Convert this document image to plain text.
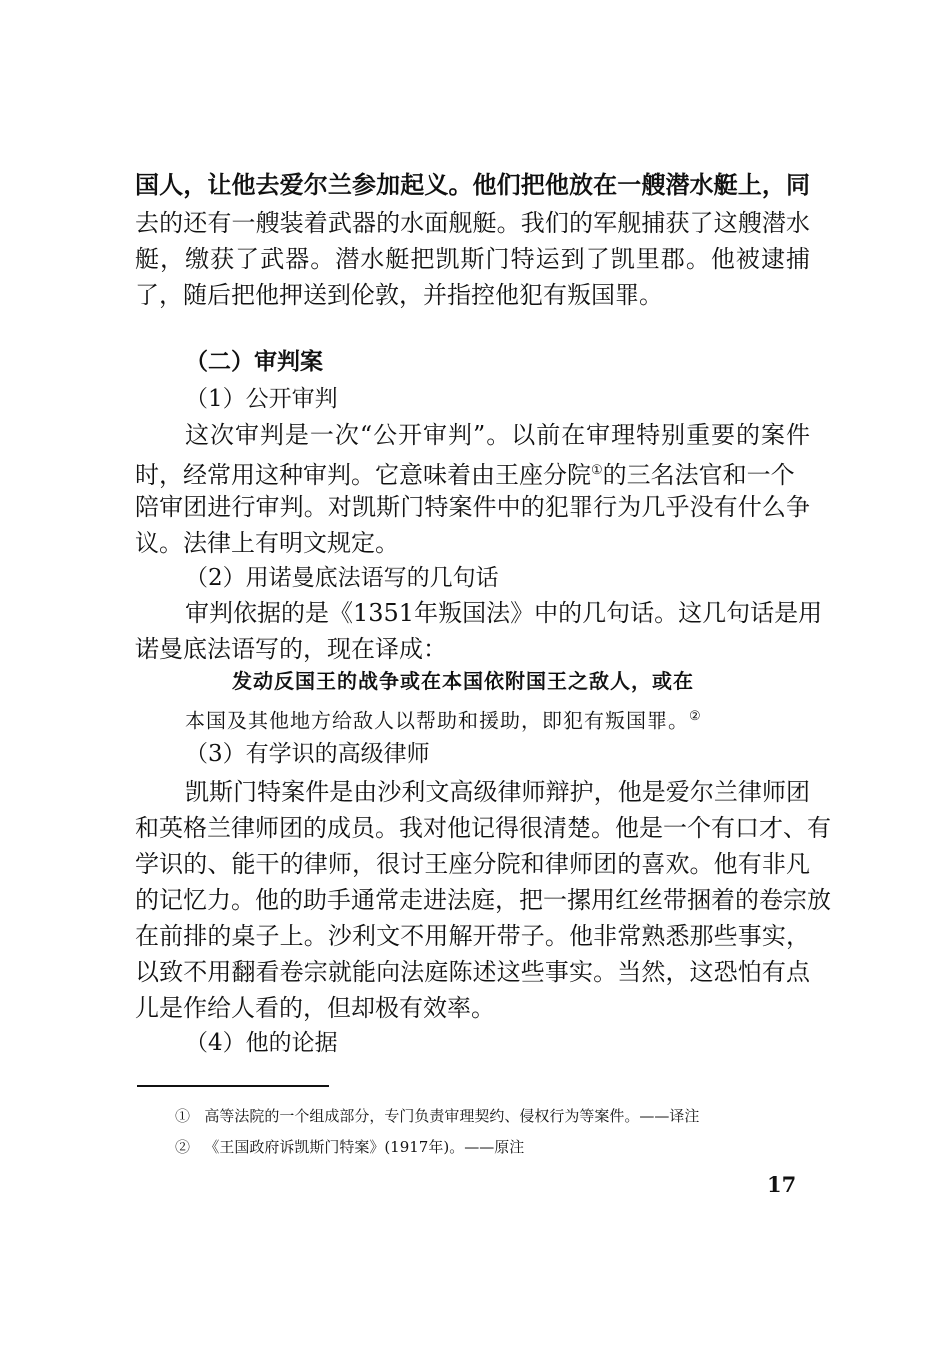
国人，让他去爱尔兰参加起义。他们把他放在一艘潜水艇上，同
去的还有一艘装着武器的水面舰艇。我们的军舰捕获了这艘潜水
艇，缴获了武器。潜水艇把凯斯门特运到了凯里郡。他被逮捕
了，随后把他押送到伦敦，并指控他犯有叛国罪。
（二）审判案
（1）公开审判
这次审判是一次“公开审判”。以前在审理特别重要的案件
时，经常用这种审判。它意味着由王座分院①的三名法官和一个
陪审团进行审判。对凯斯门特案件中的犯罪行为几乎没有什么争
议。法律上有明文规定。
（2）用诺曼底法语写的几句话
审判依据的是《1351年叛国法》中的几句话。这几句话是用
诺曼底法语写的，现在译成：
发动反国王的战争或在本国依附国王之敌人，或在
本国及其他地方给敌人以帮助和援助，即犯有叛国罪。②
（3）有学识的高级律师
凯斯门特案件是由沙利文高级律师辩护，他是爱尔兰律师团
和英格兰律师团的成员。我对他记得很清楚。他是一个有口才、有
学识的、能干的律师，很讨王座分院和律师团的喜欢。他有非凡
的记忆力。他的助手通常走进法庭，把一摞用红丝带捆着的卷宗放
在前排的桌子上。沙利文不用解开带子。他非常熟悉那些事实，
以致不用翻看卷宗就能向法庭陈述这些事实。当然，这恐怕有点
儿是作给人看的，但却极有效率。
（4）他的论据
① 高等法院的一个组成部分，专门负责审理契约、侵权行为等案件。——译注
② 《王国政府诉凯斯门特案》(1917年)。——原注
17
